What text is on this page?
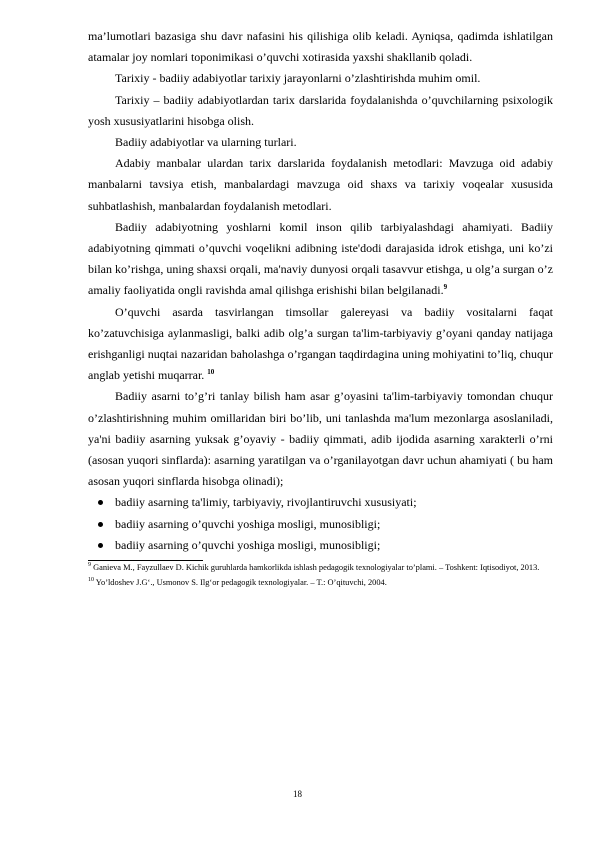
ma’lumotlari bazasiga shu davr nafasini his qilishiga olib keladi. Ayniqsa, qadimda ishlatilgan atamalar joy nomlari toponimikasi o’quvchi xotirasida yaxshi shakllanib qoladi.

Tarixiy - badiiy adabiyotlar tarixiy jarayonlarni o’zlashtirishda muhim omil.

Tarixiy – badiiy adabiyotlardan tarix darslarida foydalanishda o’quvchilarning psixologik yosh xususiyatlarini hisobga olish.

Badiiy adabiyotlar va ularning turlari.

Adabiy manbalar ulardan tarix darslarida foydalanish metodlari: Mavzuga oid adabiy manbalarni tavsiya etish, manbalardagi mavzuga oid shaxs va tarixiy voqealar xususida suhbatlashish, manbalardan foydalanish metodlari.

Badiiy adabiyotning yoshlarni komil inson qilib tarbiyalashdagi ahamiyati. Badiiy adabiyotning qimmati o’quvchi voqelikni adibning iste'dodi darajasida idrok etishga, uni ko’zi bilan ko’rishga, uning shaxsi orqali, ma'naviy dunyosi orqali tasavvur etishga, u olg’a surgan o’z amaliy faoliyatida ongli ravishda amal qilishga erishishi bilan belgilanadi.$^9$

O’quvchi asarda tasvirlangan timsollar galereyasi va badiiy vositalarni faqat ko’zatuvchisiga aylanmasligi, balki adib olg’a surgan ta'lim-tarbiyaviy g’oyani qanday natijaga erishganligi nuqtai nazaridan baholashga o’rgangan taqdirdagina uning mohiyatini to’liq, chuqur anglab yetishi muqarrar. $^{10}$

Badiiy asarni to’g’ri tanlay bilish ham asar g’oyasini ta'lim-tarbiyaviy tomondan chuqur o’zlashtirishning muhim omillaridan biri bo’lib, uni tanlashda ma'lum mezonlarga asoslaniladi, ya'ni badiiy asarning yuksak g’oyaviy - badiiy qimmati, adib ijodida asarning xarakterli o’rni (asosan yuqori sinflarda): asarning yaratilgan va o’rganilayotgan davr uchun ahamiyati ( bu ham asosan yuqori sinflarda hisobga olinadi);

badiiy asarning ta'limiy, tarbiyaviy, rivojlantiruvchi xususiyati;
badiiy asarning o’quvchi yoshiga mosligi, munosibligi;
badiiy asarning o’quvchi yoshiga mosligi, munosibligi;

$^9$ Ganieva M., Fayzullaev D. Kichik guruhlarda hamkorlikda ishlash pedagogik texnologiyalar to’plami. – Toshkent: Iqtisodiyot, 2013.

$^{10}$ Yo’ldoshev J.G‘., Usmonov S. Ilg‘or pedagogik texnologiyalar. – T.: O’qituvchi, 2004.

18
